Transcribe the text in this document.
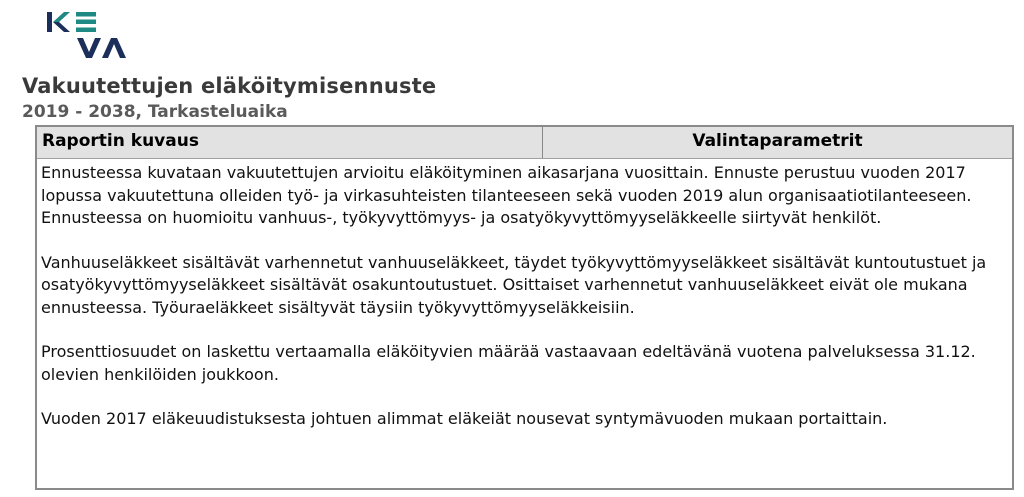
Vakuutettujen eläköitymisennuste
2019 - 2038, Tarkasteluaika
Raportin kuvaus	Valintaparametrit

Ennusteessa kuvataan vakuutettujen arvioitu eläköityminen aikasarjana vuosittain. Ennuste perustuu vuoden 2017 lopussa vakuutettuna olleiden työ- ja virkasuhteisten tilanteeseen sekä vuoden 2019 alun organisaatiotilanteeseen. Ennusteessa on huomioitu vanhuus-, työkyvyttömyys- ja osatyökyvyttömyyseläkkeelle siirtyvät henkilöt.

Vanhuuseläkkeet sisältävät varhennetut vanhuuseläkkeet, täydet työkyvyttömyyseläkkeet sisältävät kuntoutustuet ja osatyökyvyttömyyseläkkeet sisältävät osakuntoutustuet. Osittaiset varhennetut vanhuuseläkkeet eivät ole mukana ennusteessa. Työuraeläkkeet sisältyvät täysiin työkyvyttömyyseläkkeisiin.

Prosenttiosuudet on laskettu vertaamalla eläköityvien määrää vastaavaan edeltävänä vuotena palveluksessa 31.12. olevien henkilöiden joukkoon.

Vuoden 2017 eläkeuudistuksesta johtuen alimmat eläkeiät nousevat syntymävuoden mukaan portaittain.
